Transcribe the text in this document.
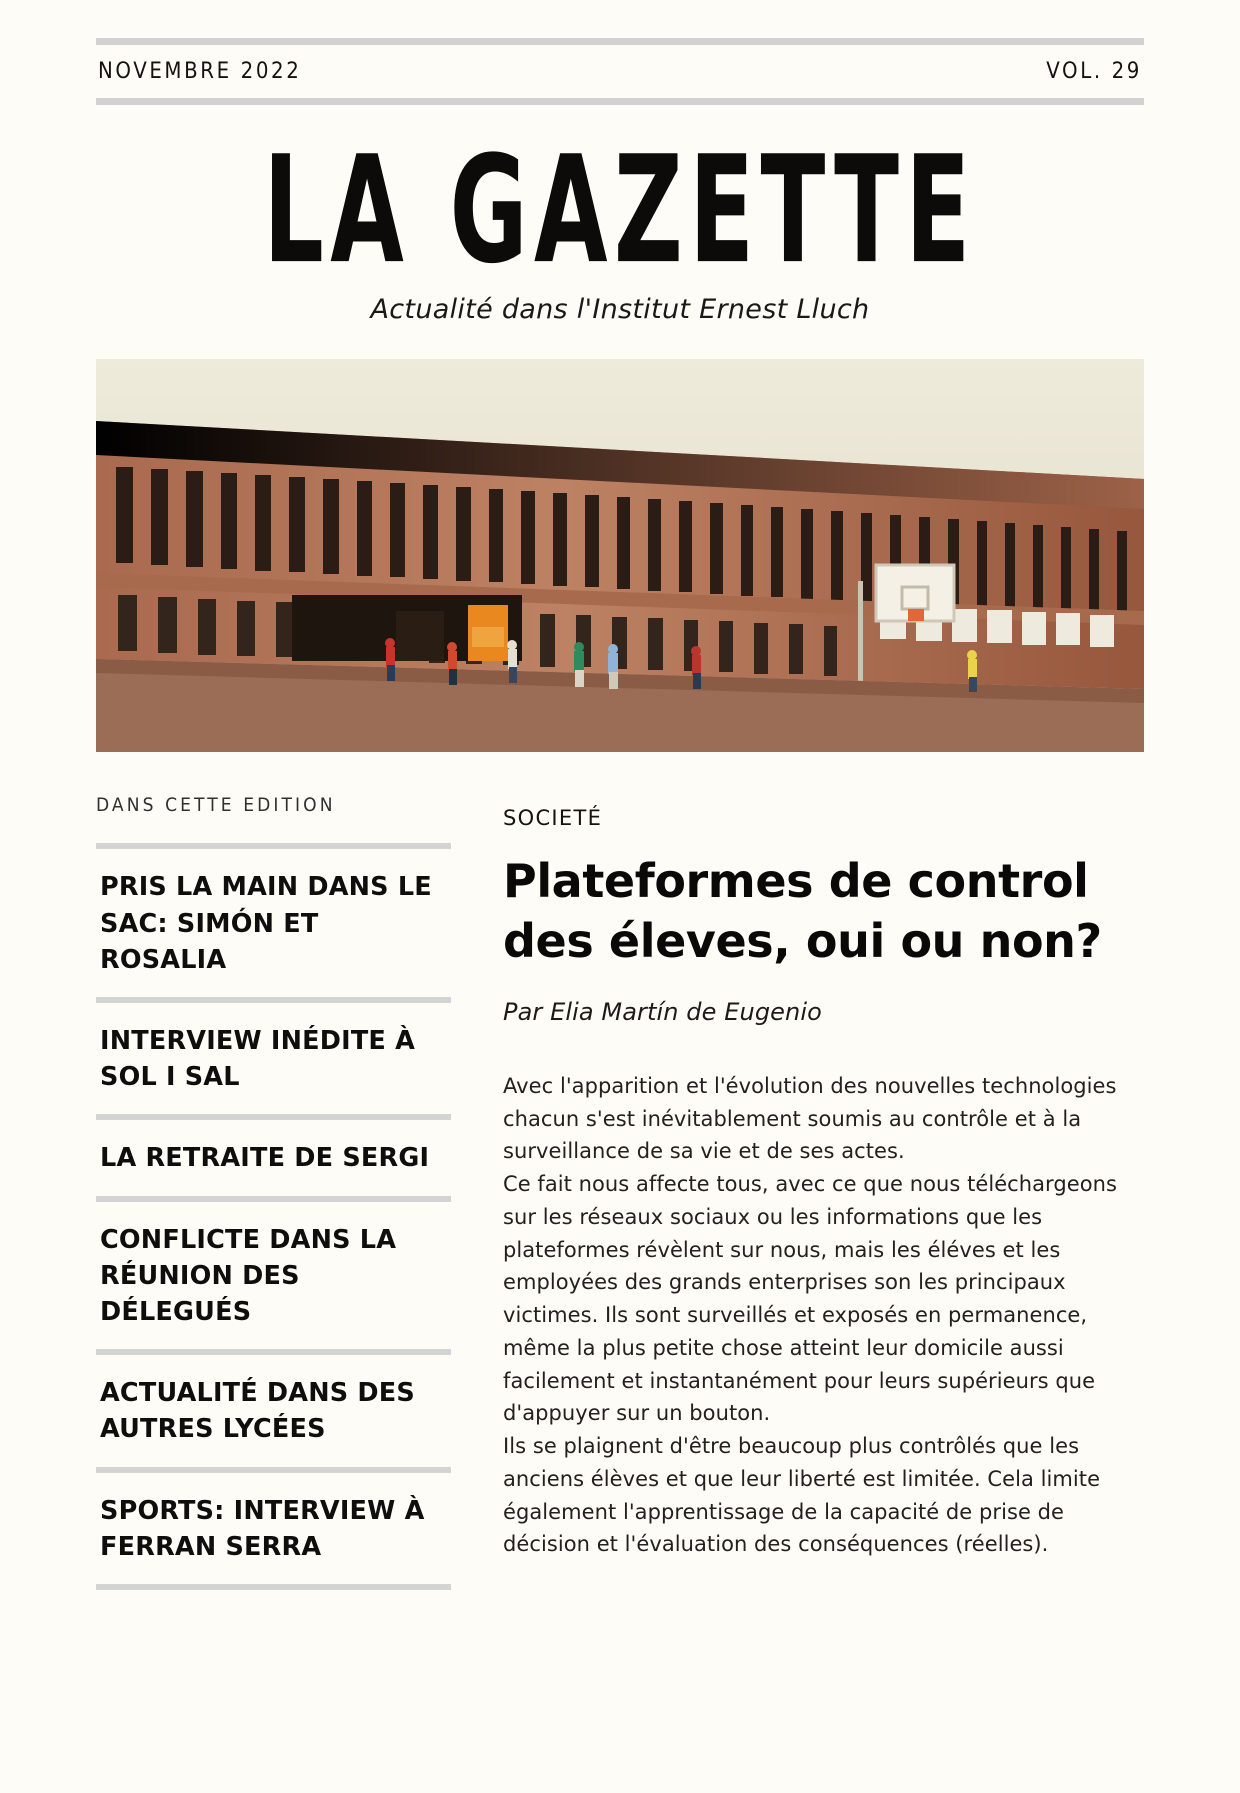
NOVEMBRE 2022	VOL. 29
LA GAZETTE
Actualité dans l'Institut Ernest Lluch
DANS CETTE EDITION
PRIS LA MAIN DANS LE SAC: SIMÓN ET ROSALIA
INTERVIEW INÉDITE À SOL I SAL
LA RETRAITE DE SERGI
CONFLICTE DANS LA RÉUNION DES DÉLEGUÉS
ACTUALITÉ DANS DES AUTRES LYCÉES
SPORTS: INTERVIEW À FERRAN SERRA
SOCIETÉ
Plateformes de control des éleves, oui ou non?
Par Elia Martín de Eugenio

Avec l'apparition et l'évolution des nouvelles technologies chacun s'est inévitablement soumis au contrôle et à la surveillance de sa vie et de ses actes.

Ce fait nous affecte tous, avec ce que nous téléchargeons sur les réseaux sociaux ou les informations que les plateformes révèlent sur nous, mais les éléves et les employées des grands enterprises son les principaux victimes. Ils sont surveillés et exposés en permanence, même la plus petite chose atteint leur domicile aussi facilement et instantanément pour leurs supérieurs que d'appuyer sur un bouton.

Ils se plaignent d'être beaucoup plus contrôlés que les anciens élèves et que leur liberté est limitée. Cela limite également l'apprentissage de la capacité de prise de décision et l'évaluation des conséquences (réelles).
